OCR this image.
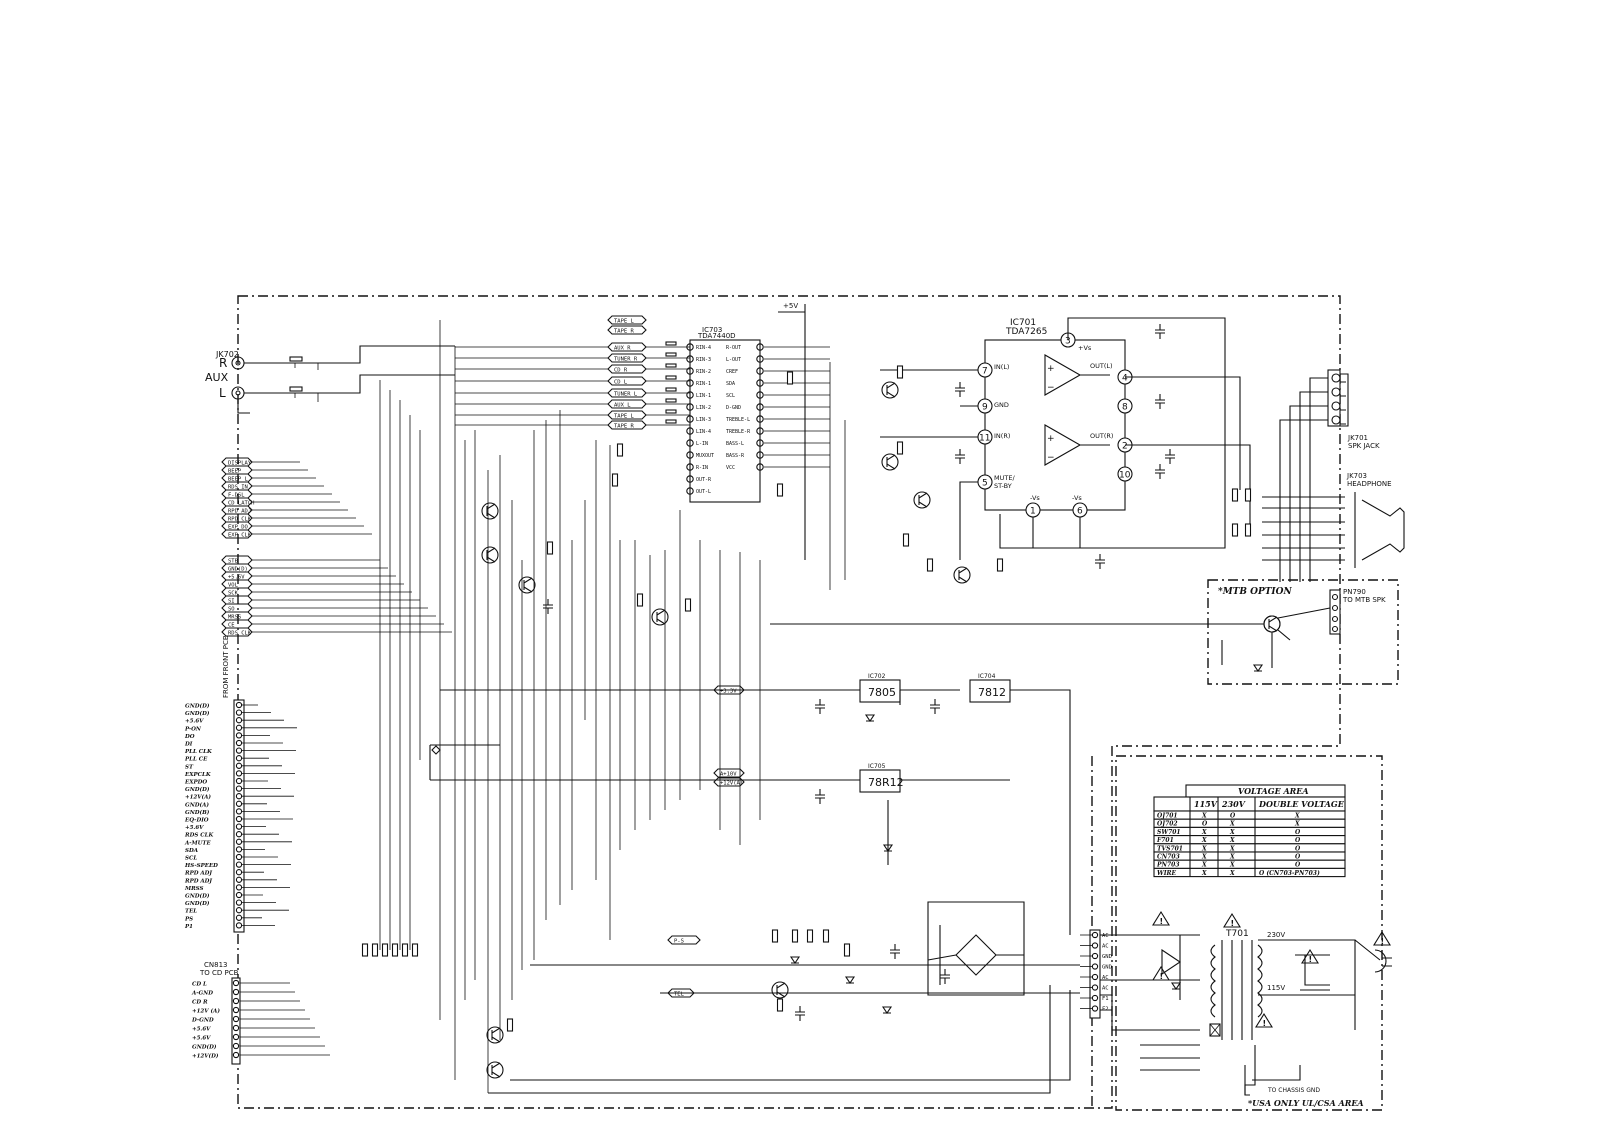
JK702
R
AUX
L
AUX R
TUNER R
CD R
CD L
TUNER L
AUX L
TAPE L
TAPE R
TAPE L
TAPE R	IC703
TDA7440D
RIN-4
RIN-3
RIN-2
RIN-1
LIN-1
LIN-2
LIN-3
LIN-4
L-IN
MUXOUT
R-IN
OUT-R
OUT-L
R-OUT
L-OUT
CREF
SDA
SCL
D-GND
TREBLE-L
TREBLE-R
BASS-L
BASS-R
VCC
IC701
TDA7265
+
−
+
−
7 IN(L)
9 GND
11 IN(R)
5
MUTE/
ST-BY
3
+Vs
4
OUT(L)
8
2
OUT(R)
10
1
-Vs
6
-Vs
JK701
SPK JACK
JK703
HEADPHONE
*MTB OPTION	PN790
TO MTB SPK
IC702
7805
IC704
7812
IC705
78R12
+3.3V
A+10V
+12V(A)
P-S
TEL
+5V
DISPLAY
BEEP
BEEP L
RDS IN
F-DSL
CD LATCH
RPD ADJ
RPD CLK
EXP DO
EXP CLK
STB
GND(D)
+5.6V
VOL
SCK
SI
SO
MRSS
CE
RDS CLK
FROM FRONT PCB
GND(D)
GND(D)
+5.6V
P-ON
DO
DI
PLL CLK
PLL CE
ST
EXPCLK
EXPDO
GND(D)
+12V(A)
GND(A)
GND(B)
EQ-DIO
+5.6V
RDS CLK
A-MUTE
SDA
SCL
HS-SPEED
RPD ADJ
RPD ADJ
MRSS
GND(D)
GND(D)
TEL
PS
P1
CN813
TO CD PCB
CD L
A-GND
CD R
+12V (A)
D-GND
+5.6V
+5.6V
GND(D)
+12V(D)
AC
AC
GND
GND
AC
AC
F1
F2
T701	230V
115V
!
!
!
!
!
!
TO CHASSIS GND
*USA ONLY UL/CSA AREA
VOLTAGE AREA
115V 230V DOUBLE VOLTAGE
OJ701	X	O	X
OJ702	O	X	X
SW701	X	X	O
F701	X	X	O
TVS701	X	X	O
CN703	X	X	O
PN703	X	X	O
WIRE	X	X	O (CN703-PN703)
